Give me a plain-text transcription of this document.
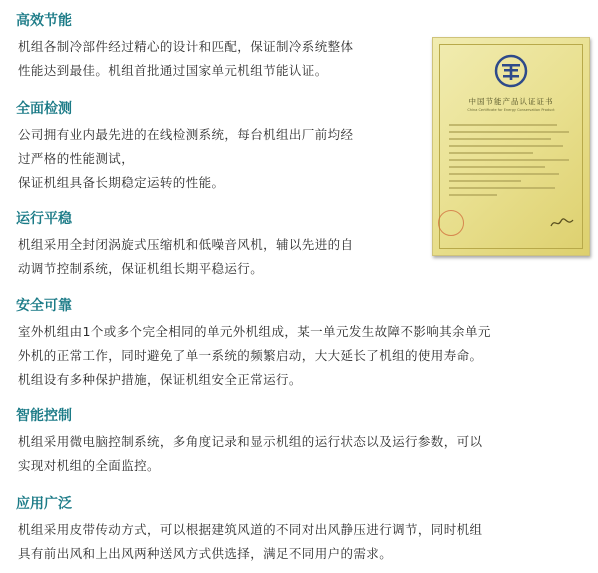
高效节能
机组各制冷部件经过精心的设计和匹配，保证制冷系统整体
性能达到最佳。机组首批通过国家单元机组节能认证。
全面检测
公司拥有业内最先进的在线检测系统，每台机组出厂前均经
过严格的性能测试，
保证机组具备长期稳定运转的性能。
运行平稳
机组采用全封闭涡旋式压缩机和低噪音风机，辅以先进的自
动调节控制系统，保证机组长期平稳运行。
安全可靠
室外机组由1个或多个完全相同的单元外机组成，某一单元发生故障不影响其余单元
外机的正常工作，同时避免了单一系统的频繁启动，大大延长了机组的使用寿命。
机组设有多种保护措施，保证机组安全正常运行。
智能控制
机组采用微电脑控制系统，多角度记录和显示机组的运行状态以及运行参数，可以
实现对机组的全面监控。
应用广泛
机组采用皮带传动方式，可以根据建筑风道的不同对出风静压进行调节，同时机组
具有前出风和上出风两种送风方式供选择，满足不同用户的需求。
中国节能产品认证证书
China Certificate for Energy Conservation Product
